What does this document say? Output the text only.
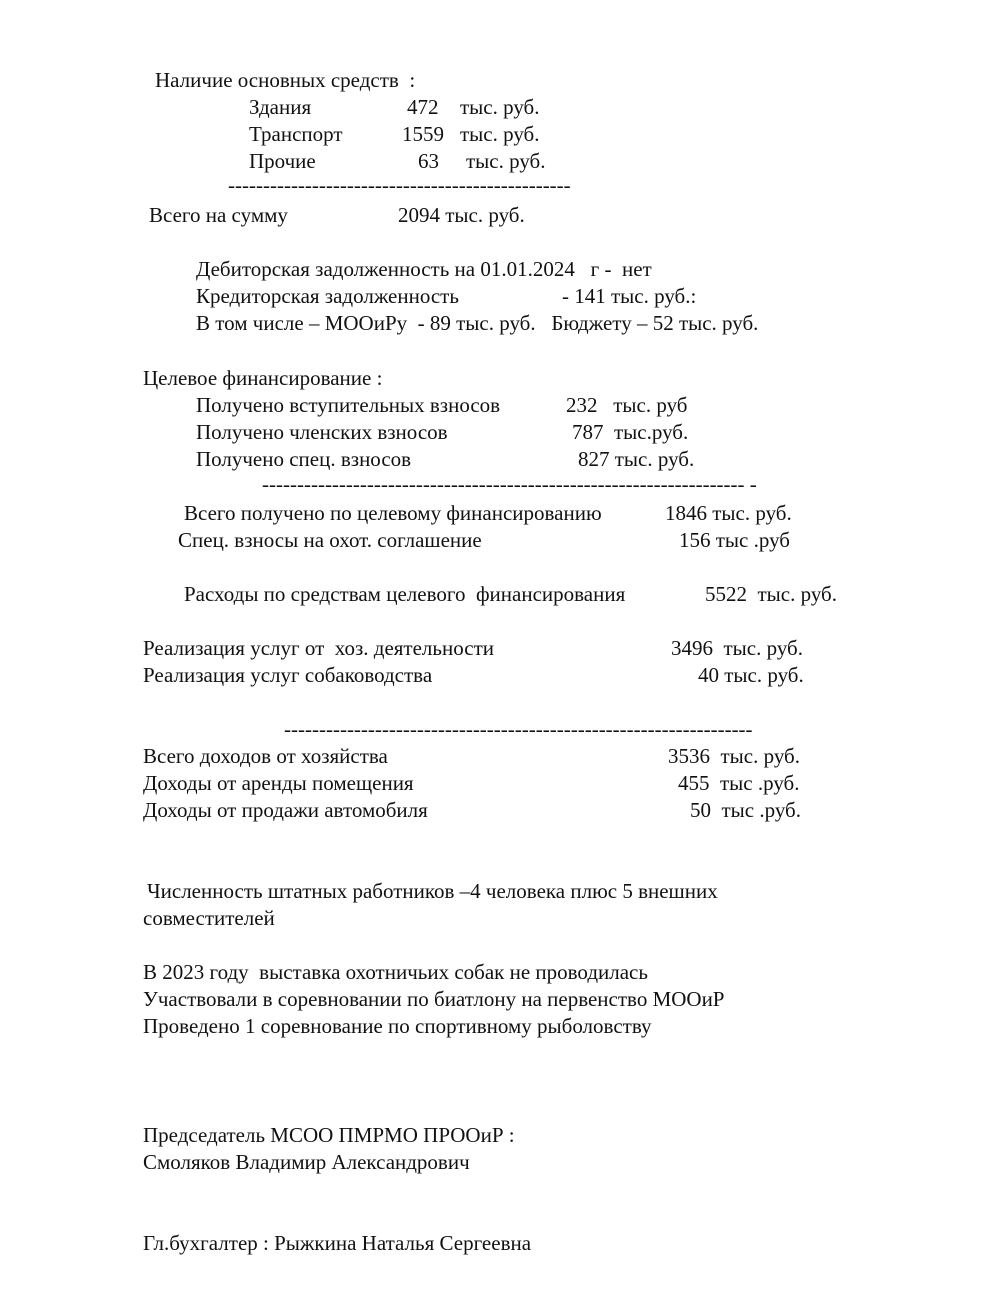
Наличие основных средств  :
Здания	472 тыс. руб.
Транспорт	1559 тыс. руб.
Прочие	63 тыс. руб.
-------------------------------------------------
Всего на сумму	2094 тыс. руб.
Дебиторская задолженность на 01.01.2024   г -  нет
Кредиторская задолженность	- 141 тыс. руб.:
В том числе – МООиРу  - 89 тыс. руб.   Бюджету – 52 тыс. руб.
Целевое финансирование :
Получено вступительных взносов	232   тыс. руб
Получено членских взносов	787  тыс.руб.
Получено спец. взносов	827 тыс. руб.
--------------------------------------------------------------------- -
Всего получено по целевому финансированию	1846 тыс. руб.
Спец. взносы на охот. соглашение	156 тыс .руб
Расходы по средствам целевого  финансирования	5522  тыс. руб.
Реализация услуг от  хоз. деятельности	3496  тыс. руб.
Реализация услуг собаководства	40 тыс. руб.
-------------------------------------------------------------------
Всего доходов от хозяйства	3536  тыс. руб.
Доходы от аренды помещения	455  тыс .руб.
Доходы от продажи автомобиля	50  тыс .руб.
Численность штатных работников –4 человека плюс 5 внешних
совместителей
В 2023 году  выставка охотничьих собак не проводилась
Участвовали в соревновании по биатлону на первенство МООиР
Проведено 1 соревнование по спортивному рыболовству
Председатель МСОО ПМРМО ПРООиР :
Смоляков Владимир Александрович
Гл.бухгалтер : Рыжкина Наталья Сергеевна
